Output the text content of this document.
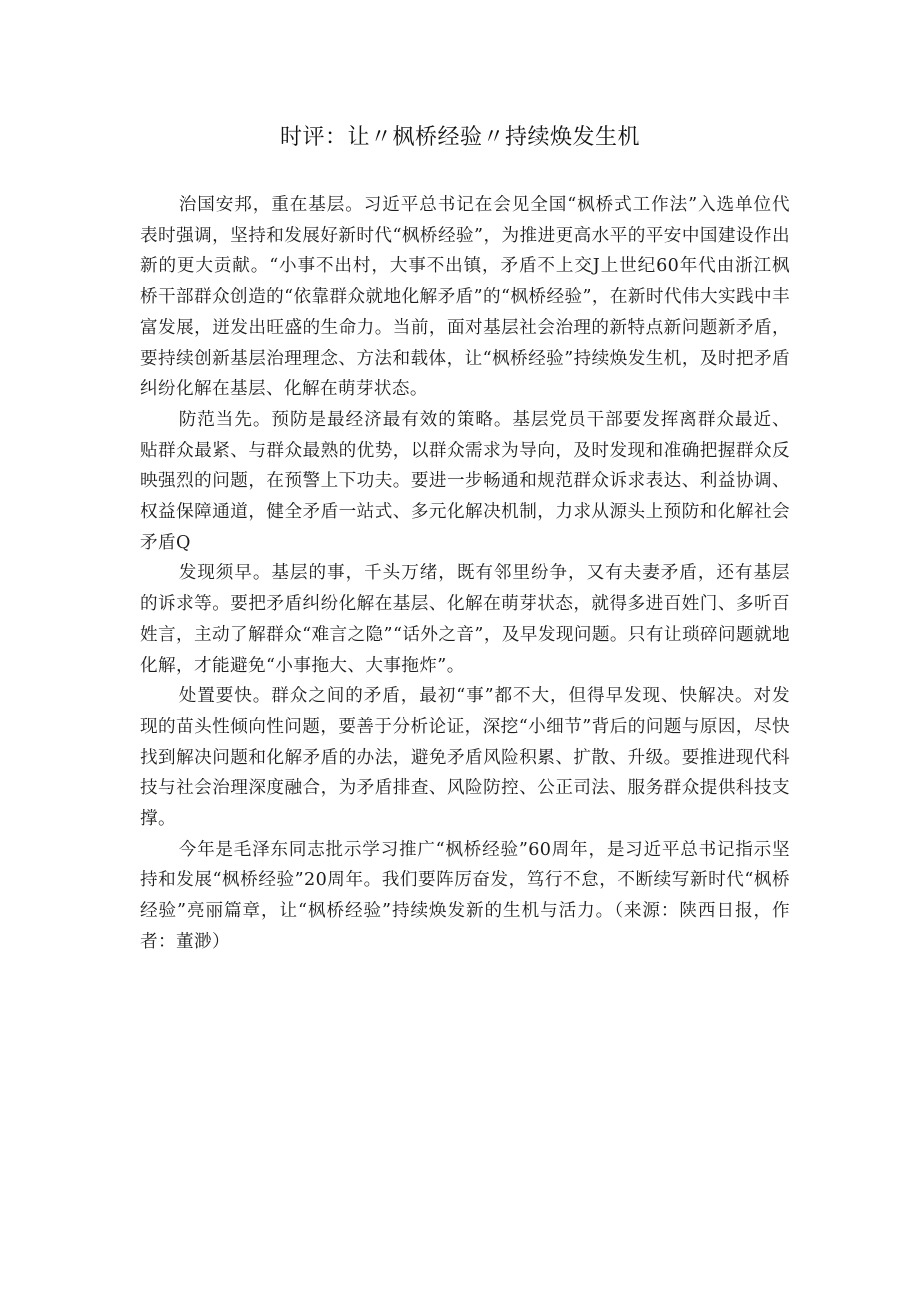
时评：让〃枫桥经验〃持续焕发生机

治国安邦，重在基层。习近平总书记在会见全国“枫桥式工作法”入选单位代表时强调，坚持和发展好新时代“枫桥经验”，为推进更高水平的平安中国建设作出新的更大贡献。“小事不出村，大事不出镇，矛盾不上交J上世纪60年代由浙江枫桥干部群众创造的“依靠群众就地化解矛盾”的“枫桥经验”，在新时代伟大实践中丰富发展，迸发出旺盛的生命力。当前，面对基层社会治理的新特点新问题新矛盾，要持续创新基层治理理念、方法和载体，让“枫桥经验”持续焕发生机，及时把矛盾纠纷化解在基层、化解在萌芽状态。

防范当先。预防是最经济最有效的策略。基层党员干部要发挥离群众最近、贴群众最紧、与群众最熟的优势，以群众需求为导向，及时发现和准确把握群众反映强烈的问题，在预警上下功夫。要进一步畅通和规范群众诉求表达、利益协调、权益保障通道，健全矛盾一站式、多元化解决机制，力求从源头上预防和化解社会矛盾Q

发现须早。基层的事，千头万绪，既有邻里纷争，又有夫妻矛盾，还有基层的诉求等。要把矛盾纠纷化解在基层、化解在萌芽状态，就得多进百姓门、多听百姓言，主动了解群众“难言之隐”“话外之音”，及早发现问题。只有让琐碎问题就地化解，才能避免“小事拖大、大事拖炸”。

处置要快。群众之间的矛盾，最初“事”都不大，但得早发现、快解决。对发现的苗头性倾向性问题，要善于分析论证，深挖“小细节”背后的问题与原因，尽快找到解决问题和化解矛盾的办法，避免矛盾风险积累、扩散、升级。要推进现代科技与社会治理深度融合，为矛盾排查、风险防控、公正司法、服务群众提供科技支撑。

今年是毛泽东同志批示学习推广“枫桥经验”60周年，是习近平总书记指示坚持和发展“枫桥经验”20周年。我们要阵厉奋发，笃行不怠，不断续写新时代“枫桥经验”亮丽篇章，让“枫桥经验”持续焕发新的生机与活力。（来源：陕西日报，作者：董渺）
